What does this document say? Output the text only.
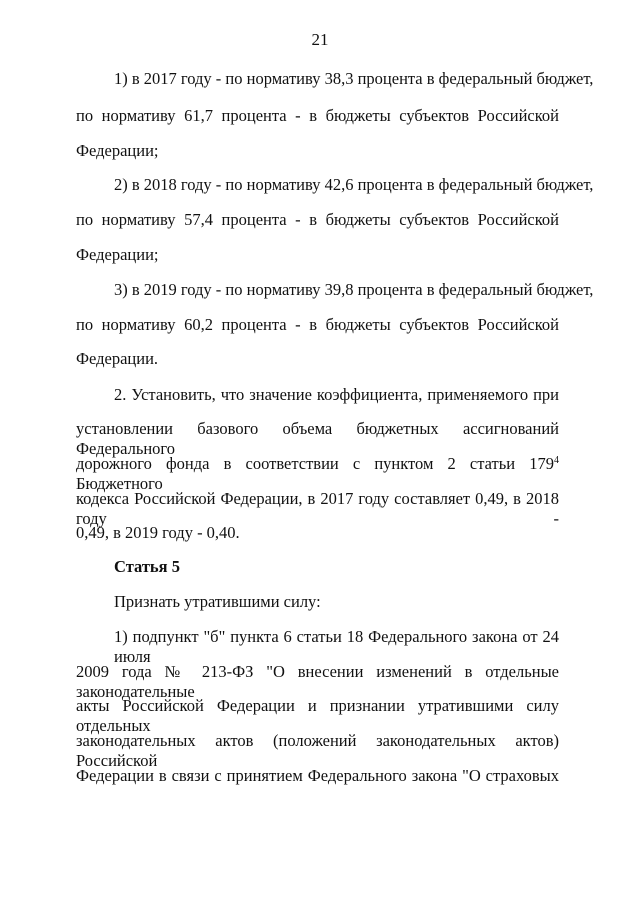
21
1) в 2017 году - по нормативу 38,3 процента в федеральный бюджет,
по нормативу 61,7 процента - в бюджеты субъектов Российской
Федерации;
2) в 2018 году - по нормативу 42,6 процента в федеральный бюджет,
по нормативу 57,4 процента - в бюджеты субъектов Российской
Федерации;
3) в 2019 году - по нормативу 39,8 процента в федеральный бюджет,
по нормативу 60,2 процента - в бюджеты субъектов Российской
Федерации.
2. Установить, что значение коэффициента, применяемого при
установлении базового объема бюджетных ассигнований Федерального
дорожного фонда в соответствии с пунктом 2 статьи $179^4$ Бюджетного
кодекса Российской Федерации, в 2017 году составляет 0,49, в 2018 году -
0,49, в 2019 году - 0,40.
Статья 5
Признать утратившими силу:
1) подпункт "б" пункта 6 статьи 18 Федерального закона от 24 июля
2009 года № 213-ФЗ "О внесении изменений в отдельные законодательные
акты Российской Федерации и признании утратившими силу отдельных
законодательных актов (положений законодательных актов) Российской
Федерации в связи с принятием Федерального закона "О страховых
